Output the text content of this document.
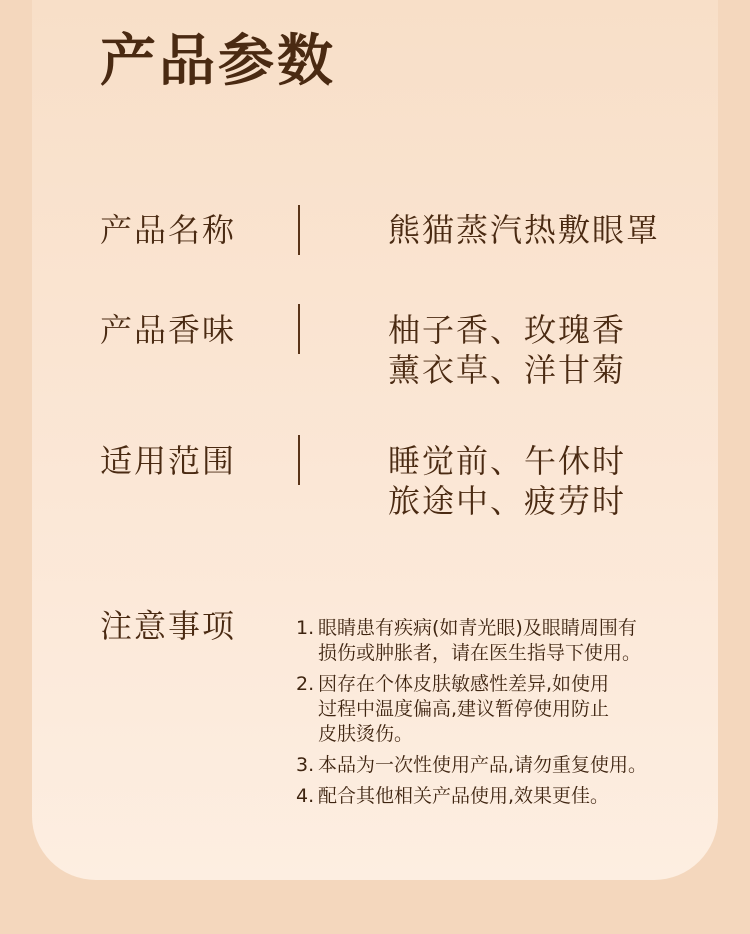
产品参数
产品名称	熊猫蒸汽热敷眼罩
产品香味	柚子香、玫瑰香
薰衣草、洋甘菊
适用范围	睡觉前、午休时
旅途中、疲劳时
注意事项	1. 眼睛患有疾病(如青光眼)及眼睛周围有
损伤或肿胀者，请在医生指导下使用。
2. 因存在个体皮肤敏感性差异,如使用
过程中温度偏高,建议暂停使用防止
皮肤烫伤。
3. 本品为一次性使用产品,请勿重复使用。
4. 配合其他相关产品使用,效果更佳。
